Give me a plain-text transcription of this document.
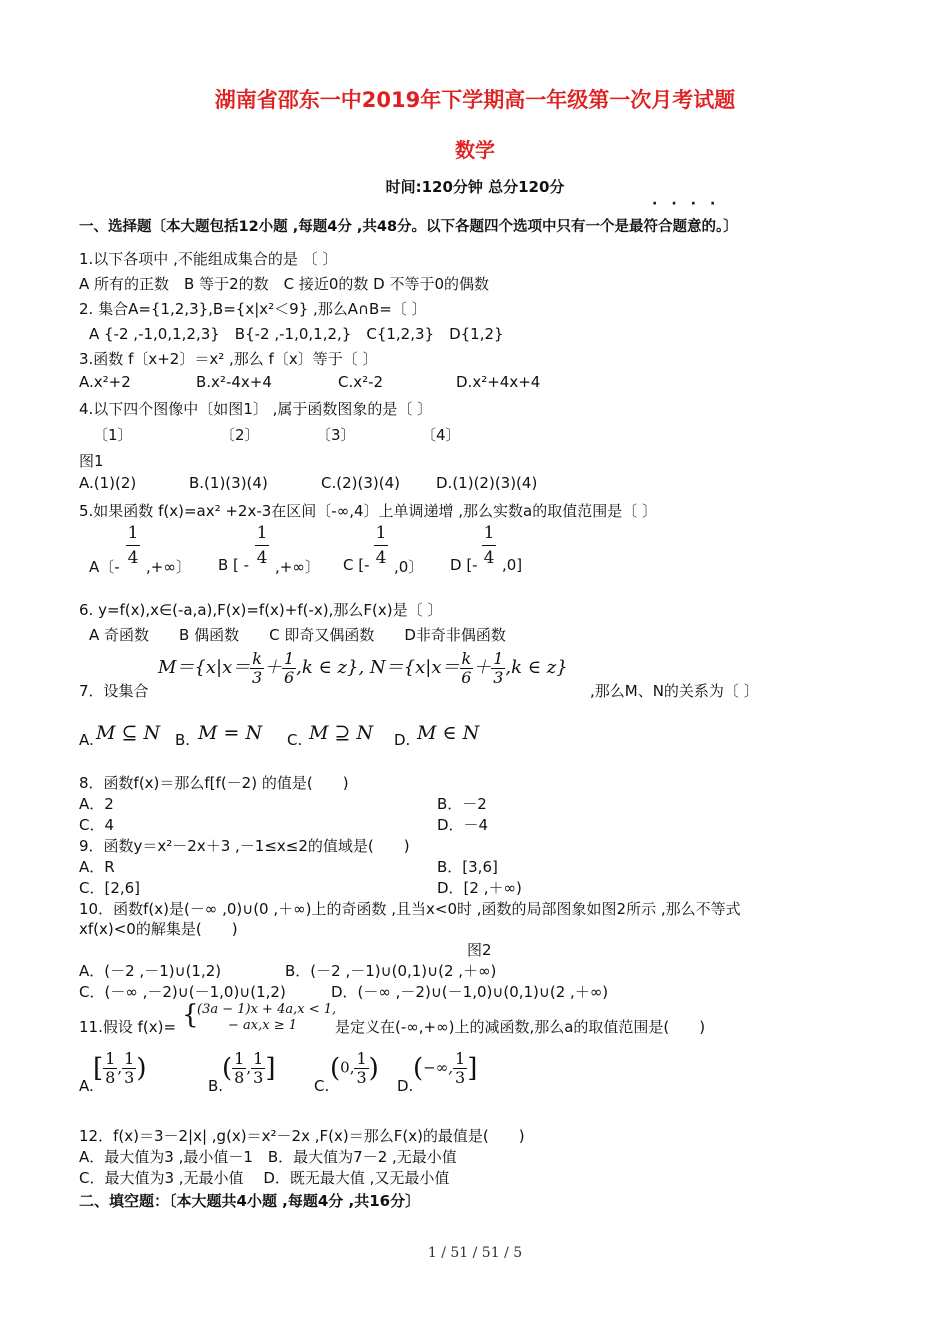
湖南省邵东一中2019年下学期高一年级第一次月考试题
数学
时间:120分钟 总分120分
····
一、选择题〔本大题包括12小题 ,每题4分 ,共48分。以下各题四个选项中只有一个是最符合题意的。〕
1.以下各项中 ,不能组成集合的是 〔 〕
A 所有的正数　B 等于2的数　C 接近0的数 D 不等于0的偶数
2. 集合A={1,2,3},B={x|x²＜9} ,那么A∩B=〔 〕
A {-2 ,-1,0,1,2,3}　B{-2 ,-1,0,1,2,}　C{1,2,3}　D{1,2}
3.函数 f〔x+2〕＝x² ,那么 f〔x〕等于〔 〕
A.x²+2	B.x²-4x+4	C.x²-2	D.x²+4x+4
4.以下四个图像中〔如图1〕 ,属于函数图象的是〔 〕
〔1〕	〔2〕	〔3〕	〔4〕
图1
A.(1)(2)	B.(1)(3)(4)	C.(2)(3)(4) D.(1)(2)(3)(4)
5.如果函数 f(x)=ax² +2x-3在区间〔-∞,4〕上单调递增 ,那么实数a的取值范围是〔 〕
A〔-
1
4 ,+∞〕 B [ -
1
4 ,+∞〕 C [-
1
4 ,0〕 D [-
1
4 ,0]
6. y=f(x),x∈(-a,a),F(x)=f(x)+f(-x),那么F(x)是〔 〕
A 奇函数　　B 偶函数　　C 即奇又偶函数　　D非奇非偶函数
7．设集合
$M=\{x|x= \frac{k}{3} + \frac{1}{6} ,k$ ∈ z}, $N=\{x|x= \frac{k}{6} + \frac{1}{3} ,k$ ∈ z}
,那么M、N的关系为〔 〕
A. M ⊆ N B. M = N C. M ⊇ N D. M ∈ N
8．函数f(x)＝那么f[f(－2) 的值是(　　)
A．2	B．－2
C．4	D．－4
9．函数y＝x²－2x＋3 ,－1≤x≤2的值域是(　　)
A．R	B．[3,6]
C．[2,6]	D．[2 ,＋∞)
10．函数f(x)是(－∞ ,0)∪(0 ,＋∞)上的奇函数 ,且当x<0时 ,函数的局部图象如图2所示 ,那么不等式
xf(x)<0的解集是(　　)
图2
A．(－2 ,－1)∪(1,2)	B．(－2 ,－1)∪(0,1)∪(2 ,＋∞)
C．(－∞ ,－2)∪(－1,0)∪(1,2)	D．(－∞ ,－2)∪(－1,0)∪(0,1)∪(2 ,＋∞)
11.假设 f(x)= {
(3a − 1)x + 4a,x < 1,
− ax,x ≥ 1	是定义在(-∞,+∞)上的减函数,那么a的取值范围是(　　)
A.
[ $\frac{1}{8}$ , $\frac{1}{3}$ )
B.
( $\frac{1}{8}$ , $\frac{1}{3}$ ]
C.
(0, $\frac{1}{3}$ )
D.
(−∞, $\frac{1}{3}$ ]
12．f(x)＝3－2|x| ,g(x)＝x²－2x ,F(x)＝那么F(x)的最值是(　　)
A．最大值为3 ,最小值－1　B．最大值为7－2 ,无最小值
C．最大值为3 ,无最小值　 D．既无最大值 ,又无最小值
二、填空题：〔本大题共4小题 ,每题4分 ,共16分〕
1 / 51 / 51 / 5
